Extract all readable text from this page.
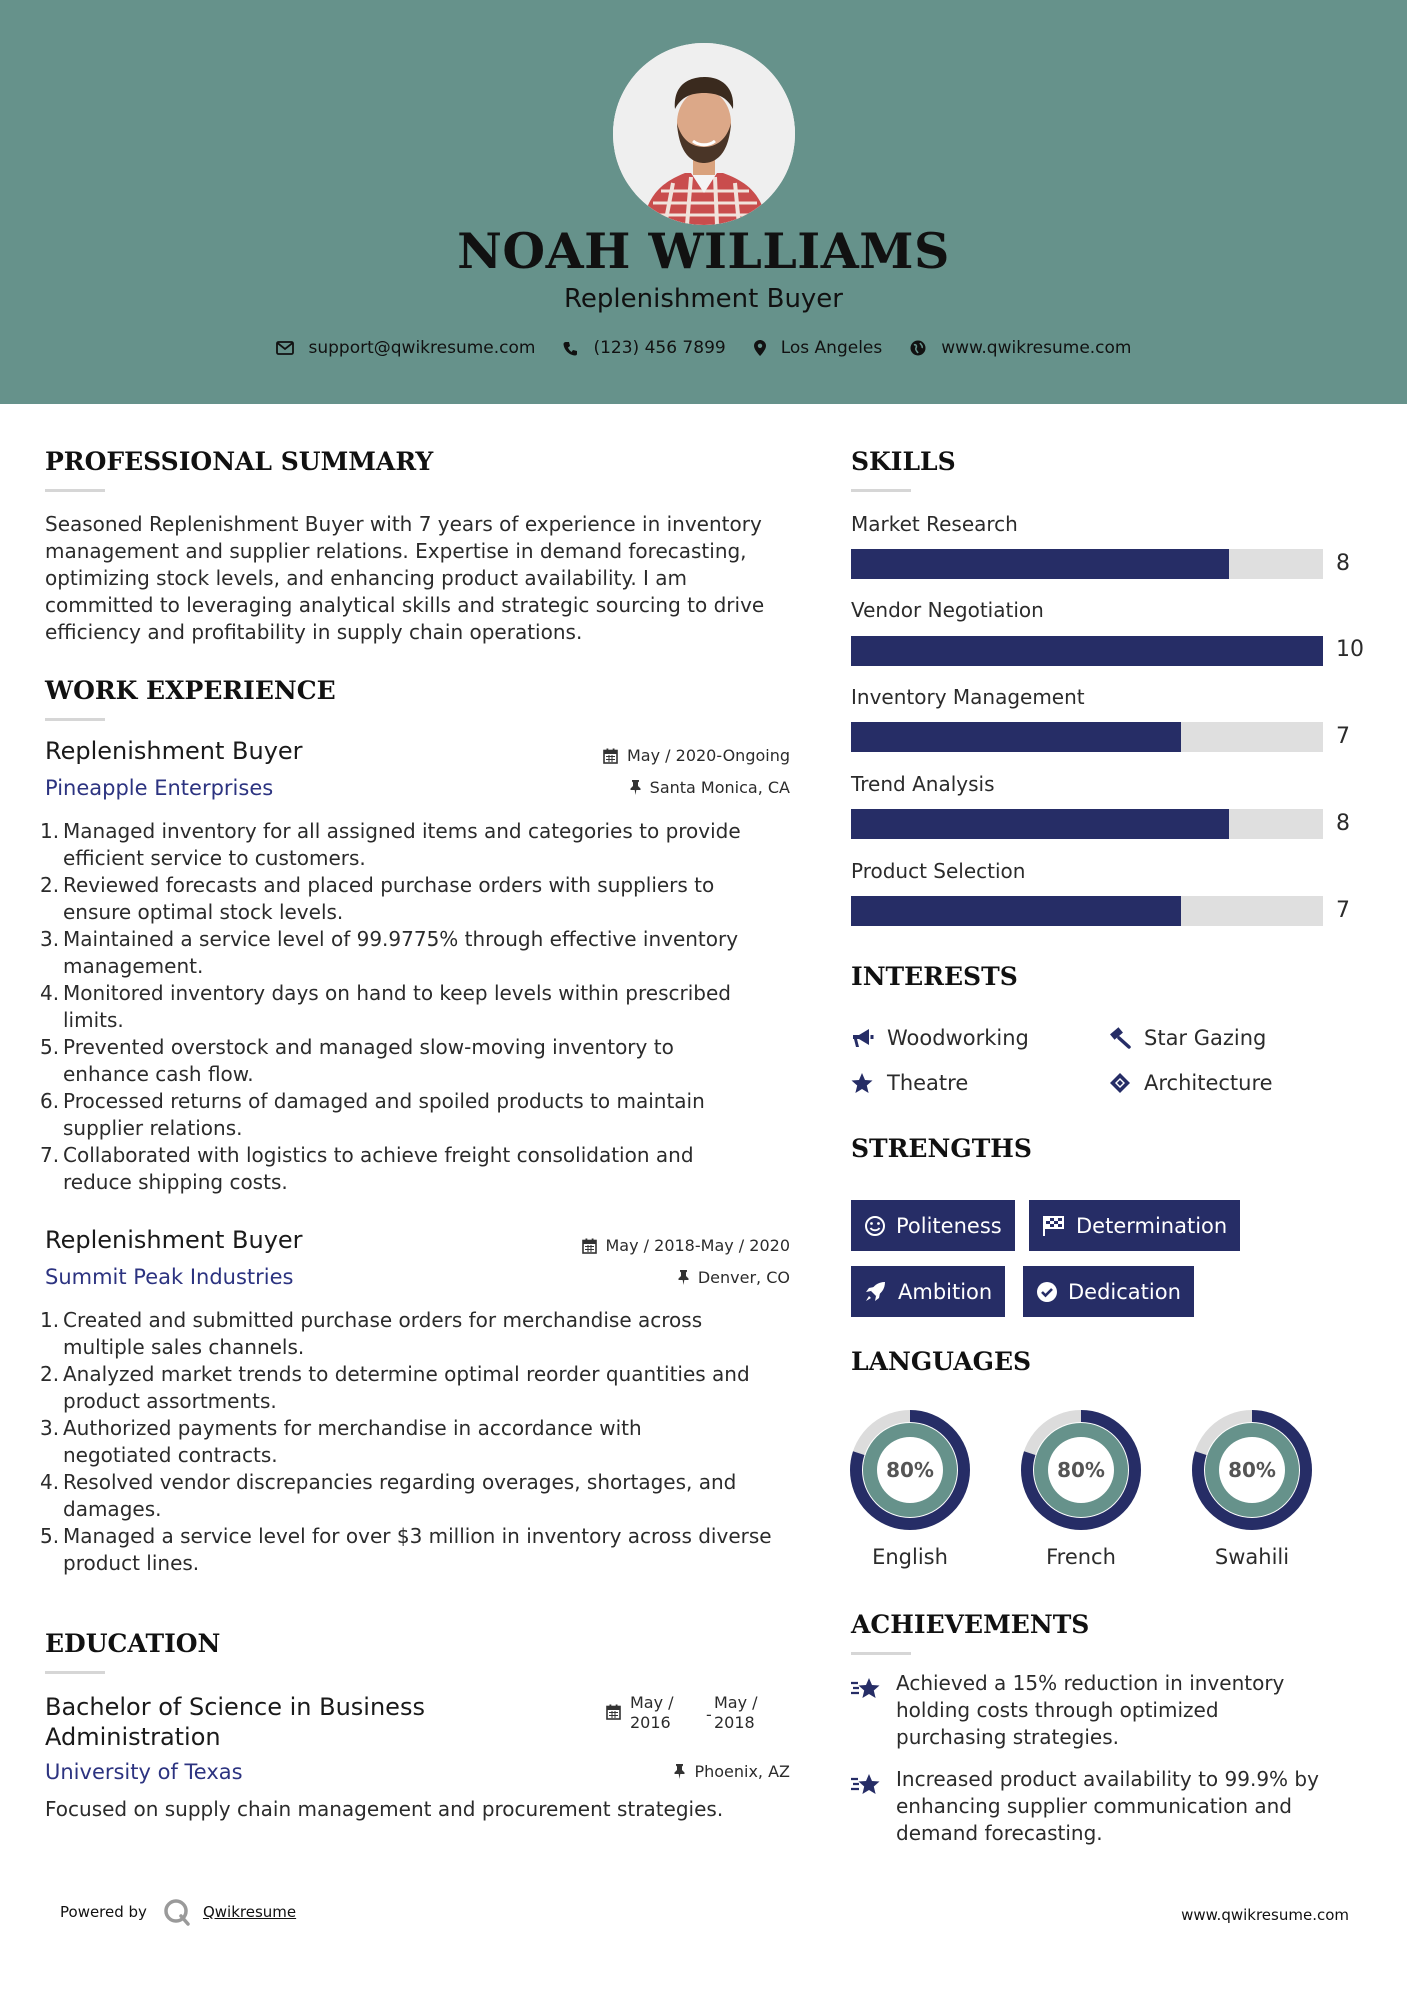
NOAH WILLIAMS
Replenishment Buyer
support@qwikresume.com	(123) 456 7899	Los Angeles	www.qwikresume.com
PROFESSIONAL SUMMARY
Seasoned Replenishment Buyer with 7 years of experience in inventory
management and supplier relations. Expertise in demand forecasting,
optimizing stock levels, and enhancing product availability. I am
committed to leveraging analytical skills and strategic sourcing to drive
efficiency and profitability in supply chain operations.
WORK EXPERIENCE
Replenishment Buyer
Pineapple Enterprises
May / 2020-Ongoing
Santa Monica, CA
1. Managed inventory for all assigned items and categories to provide
efficient service to customers.
2. Reviewed forecasts and placed purchase orders with suppliers to
ensure optimal stock levels.
3. Maintained a service level of 99.9775% through effective inventory
management.
4. Monitored inventory days on hand to keep levels within prescribed
limits.
5. Prevented overstock and managed slow-moving inventory to
enhance cash flow.
6. Processed returns of damaged and spoiled products to maintain
supplier relations.
7. Collaborated with logistics to achieve freight consolidation and
reduce shipping costs.
Replenishment Buyer
Summit Peak Industries
May / 2018-May / 2020
Denver, CO
1. Created and submitted purchase orders for merchandise across
multiple sales channels.
2. Analyzed market trends to determine optimal reorder quantities and
product assortments.
3. Authorized payments for merchandise in accordance with
negotiated contracts.
4. Resolved vendor discrepancies regarding overages, shortages, and
damages.
5. Managed a service level for over $3 million in inventory across diverse
product lines.
EDUCATION
Bachelor of Science in Business
Administration
May /
2016 -
May /
2018
University of Texas	Phoenix, AZ
Focused on supply chain management and procurement strategies.
SKILLS
Market Research
8
Vendor Negotiation
10
Inventory Management
7
Trend Analysis
8
Product Selection
7
INTERESTS
Woodworking	Star Gazing
Theatre	Architecture
STRENGTHS
Politeness	Determination
Ambition	Dedication
LANGUAGES
80%
English
80%
French
80%
Swahili
ACHIEVEMENTS
Achieved a 15% reduction in inventory
holding costs through optimized
purchasing strategies.
Increased product availability to 99.9% by
enhancing supplier communication and
demand forecasting.
Powered by	Qwikresume	www.qwikresume.com
